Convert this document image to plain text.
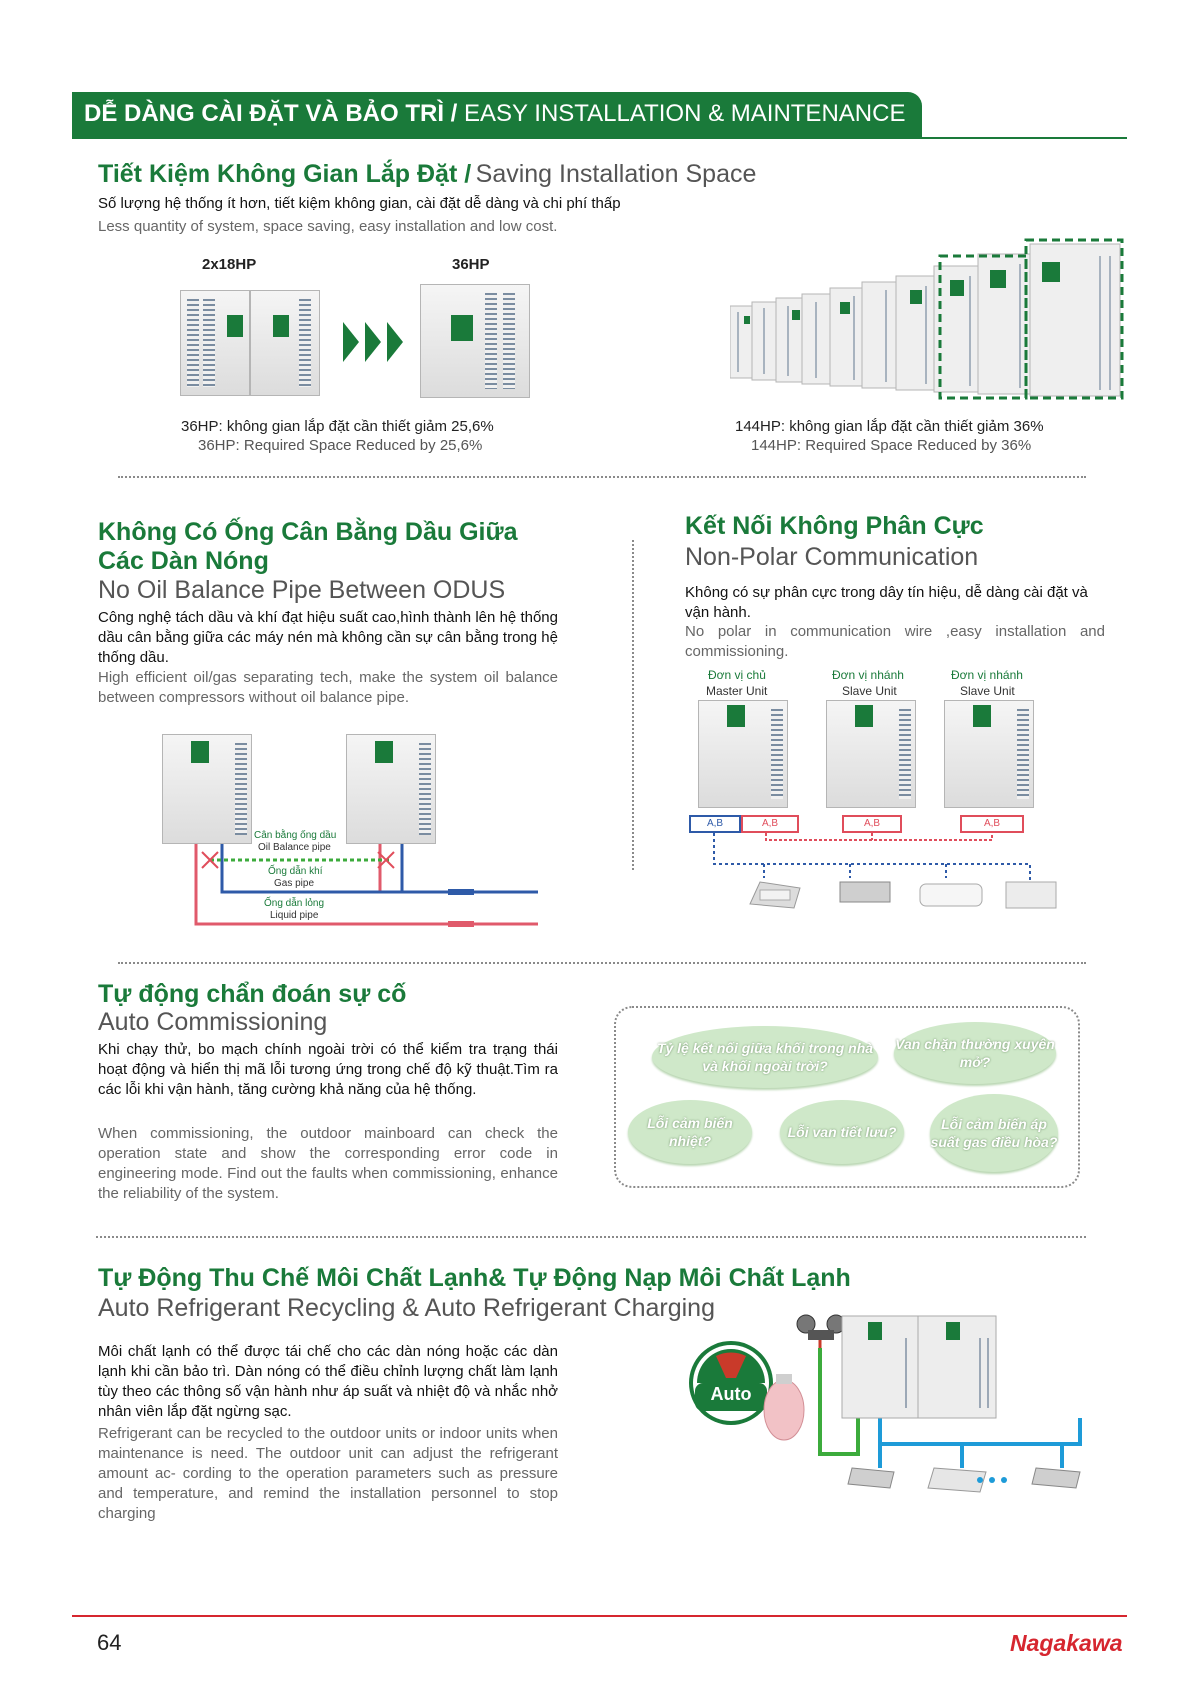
DỄ DÀNG CÀI ĐẶT VÀ BẢO TRÌ / EASY INSTALLATION & MAINTENANCE
Tiết Kiệm Không Gian Lắp Đặt / Saving Installation Space
Số lượng hệ thống ít hơn, tiết kiệm không gian, cài đặt dễ dàng và chi phí thấp
Less quantity of system, space saving, easy installation and low cost.
2x18HP	36HP
36HP: không gian lắp đặt cần thiết giảm 25,6%
36HP: Required Space Reduced by 25,6%
144HP: không gian lắp đặt cần thiết giảm 36%
144HP: Required Space Reduced by 36%
Không Có Ống Cân Bằng Dầu Giữa
Các Dàn Nóng
No Oil Balance Pipe Between ODUS
Công nghệ tách dầu và khí đạt hiệu suất cao,hình thành lên hệ thống dầu cân bằng giữa các máy nén mà không cần sự cân bằng trong hệ thống dầu.
High efficient oil/gas separating tech, make the system oil balance between compressors without oil balance pipe.
Cân bằng ống dầu
Oil Balance pipe
Ống dẫn khí
Gas pipe
Ống dẫn lỏng
Liquid pipe
Kết Nối Không Phân Cực
Non-Polar Communication
Không có sự phân cực trong dây tín hiệu, dễ dàng cài đặt và vận hành.
No polar in communication wire ,easy installation and commissioning.
Đơn vị chủ
Master Unit
Đơn vị nhánh
Slave Unit
Đơn vị nhánh
Slave Unit
A,B	A,B	A,B	A,B
Tự động chẩn đoán sự cố
Auto Commissioning
Khi chạy thử, bo mạch chính ngoài trời có thể kiểm tra trạng thái hoạt động và hiển thị mã lỗi tương ứng trong chế độ kỹ thuật.Tìm ra các lỗi khi vận hành, tăng cường khả năng của hệ thống.
When commissioning, the outdoor mainboard can check the operation state and show the corresponding error code in engineering mode. Find out the faults when commissioning, enhance the reliability of the system.
Tỷ lệ kết nối giữa khối trong nhà và khối ngoài trời?
Van chặn thường xuyên mở?
Lỗi cảm biến nhiệt?
Lỗi van tiết lưu?	Lỗi cảm biến áp suất gas điều hòa?
Tự Động Thu Chế Môi Chất Lạnh& Tự Động Nạp Môi Chất Lạnh
Auto Refrigerant Recycling & Auto Refrigerant Charging
Môi chất lạnh có thể được tái chế cho các dàn nóng hoặc các dàn lạnh khi cần bảo trì. Dàn nóng có thể điều chỉnh lượng chất làm lạnh tùy theo các thông số vận hành như áp suất và nhiệt độ và nhắc nhở nhân viên lắp đặt ngừng sạc.
Refrigerant can be recycled to the outdoor units or indoor units when maintenance is need. The outdoor unit can adjust the refrigerant amount ac- cording to the operation parameters such as pressure and temperature, and remind the installation personnel to stop charging
Auto
64	Nagakawa
